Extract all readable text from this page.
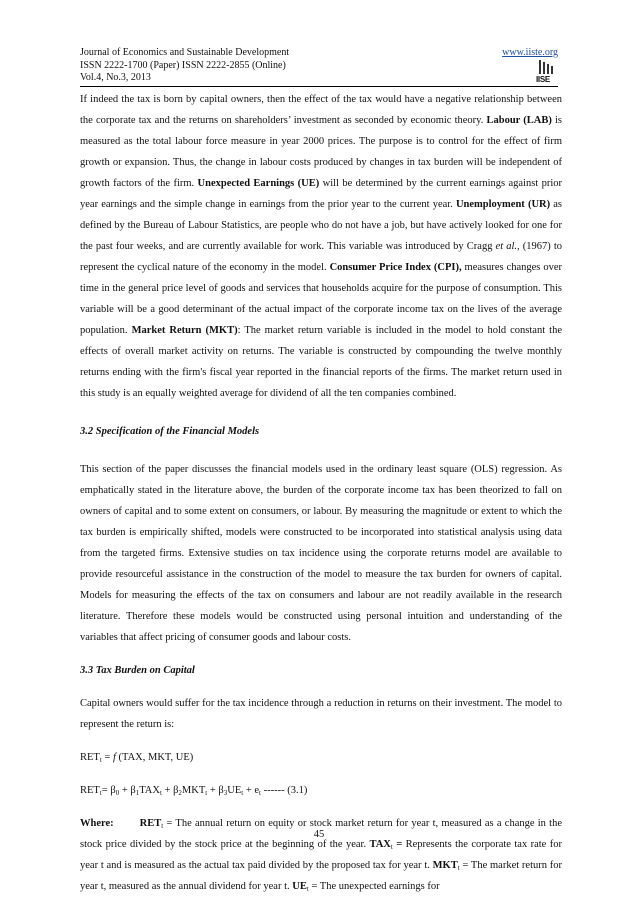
Journal of Economics and Sustainable Development
ISSN 2222-1700 (Paper) ISSN 2222-2855 (Online)
Vol.4, No.3, 2013
www.iiste.org
IISE

If indeed the tax is born by capital owners, then the effect of the tax would have a negative relationship between the corporate tax and the returns on shareholders’ investment as seconded by economic theory. Labour (LAB) is measured as the total labour force measure in year 2000 prices. The purpose is to control for the effect of firm growth or expansion. Thus, the change in labour costs produced by changes in tax burden will be independent of growth factors of the firm. Unexpected Earnings (UE) will be determined by the current earnings against prior year earnings and the simple change in earnings from the prior year to the current year. Unemployment (UR) as defined by the Bureau of Labour Statistics, are people who do not have a job, but have actively looked for one for the past four weeks, and are currently available for work. This variable was introduced by Cragg et al., (1967) to represent the cyclical nature of the economy in the model. Consumer Price Index (CPI), measures changes over time in the general price level of goods and services that households acquire for the purpose of consumption. This variable will be a good determinant of the actual impact of the corporate income tax on the lives of the average population. Market Return (MKT): The market return variable is included in the model to hold constant the effects of overall market activity on returns. The variable is constructed by compounding the twelve monthly returns ending with the firm's fiscal year reported in the financial reports of the firms. The market return used in this study is an equally weighted average for dividend of all the ten companies combined.

3.2 Specification of the Financial Models

This section of the paper discusses the financial models used in the ordinary least square (OLS) regression. As emphatically stated in the literature above, the burden of the corporate income tax has been theorized to fall on owners of capital and to some extent on consumers, or labour. By measuring the magnitude or extent to which the tax burden is empirically shifted, models were constructed to be incorporated into statistical analysis using data from the targeted firms. Extensive studies on tax incidence using the corporate returns model are available to provide resourceful assistance in the construction of the model to measure the tax burden for owners of capital. Models for measuring the effects of the tax on consumers and labour are not readily available in the research literature. Therefore these models would be constructed using personal intuition and understanding of the variables that affect pricing of consumer goods and labour costs.

3.3 Tax Burden on Capital

Capital owners would suffer for the tax incidence through a reduction in returns on their investment. The model to represent the return is:

$RET_t = f$ (TAX, MKT, UE)
$RET_t= \beta_0 + \beta_1TAX_t + \beta_2MKT_t + \beta_3UE_t + e_t$ ------ (3.1)

Where: $RET_t$ = The annual return on equity or stock market return for year t, measured as a change in the stock price divided by the stock price at the beginning of the year. $TAX_t$ = Represents the corporate tax rate for year t and is measured as the actual tax paid divided by the proposed tax for year t. $MKT_t$ = The market return for year t, measured as the annual dividend for year t. $UE_t$ = The unexpected earnings for

45
